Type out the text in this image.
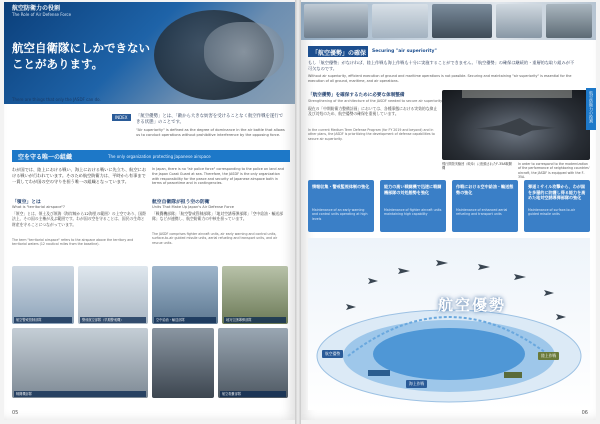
航空防衛力の役割
The Role of Air Defense Force
航空自衛隊にしかできないことがあります。
There are things that only the JASDF can do.
INDEX	「航空優勢」とは、「敵から大きな妨害を受けることなく航空作戦を遂行できる状態」のことです。
"Air superiority" is defined as the degree of dominance in the air battle that allows us to conduct operations without prohibitive interference by the opposing force.
空を守る唯一の組織	The only organization protecting Japanese airspace
わが国では、陸上における戦い、海上における戦いに先立ち、航空における戦いが行われています。そのため航空防衛力は、平時から有事まで一貫してわが国の空の守りを担う唯一の組織となっています。
In Japan, there is no "air police force" corresponding to the police on land and the Japan Coast Guard at sea. Therefore, the JASDF is the only organization with responsibility for the peace and security of Japanese airspace both in terms of peacetime and in contingencies.
「領空」とは
What is "territorial airspace"?
「領空」とは、領土及び領海（海岸線から12海里の範囲）の上空であり、国際法上、その国の主権が及ぶ範囲です。わが国の空を守ることは、国民の生命と財産を守ることにつながっています。
The term "territorial airspace" refers to the airspace above the territory and territorial waters (12 nautical miles from the baseline).
航空自衛隊が担う空の防衛
Units That Make Up Japan's Air Defense Force
「戦闘機部隊」「航空警戒管制部隊」「地対空誘導弾部隊」「空中給油・輸送部隊」などが連携し、航空防衛力の中核を担っています。
The JASDF comprises fighter aircraft units, air early warning and control units, surface-to-air guided missile units, aerial refueling and transport units, and air rescue units.
航空警戒管制部隊	警戒航空部隊（早期警戒機）	空中給油・輸送部隊	地対空誘導弾部隊
戦闘機部隊	航空救難部隊
05
「航空優勢」の確保 Securing "air superiority"
もし「航空優勢」がなければ、陸上作戦も海上作戦も十分に実施することができません。「航空優勢」の確保は継続的・重層的な取り組みが不可欠なのです。
Without air superiority, efficient execution of ground and maritime operations is not possible. Securing and maintaining "air superiority" is essential for the execution of all ground, maritime, and air operations.
「航空優勢」を確保するために必要な体制整備
Strengthening of the architecture of the JASDF needed to secure air superiority
現在の「中期防衛力整備計画」においては、各種事態における実効的な抑止及び対処のため、航空優勢の確保を重視しています。
In the current Medium Term Defense Program (for FY 2019 and beyond) and in other plans, the JASDF is prioritizing the development of defense capabilities to secure air superiority.
飛行開発実験団（岐阜）に配備されたF-35A戦闘機
In order to correspond to the modernization of the performance of neighboring countries' aircraft, the JASDF is equipped with the F-35A.
航空防衛力の役割
情報収集・警戒監視体制の強化
Maintenance of an early warning and control units operating at high levels
能力の高い戦闘機で迅速に戦闘機部隊の対処態勢を強化
Maintenance of fighter aircraft units maintaining high capability
作戦における空中給油・輸送態勢の強化
Maintenance of enhanced aerial refueling and transport units
弾道ミサイル攻撃から、わが国を多層的に防護し得る能力を高めた地対空誘導弾部隊の強化
Maintenance of surface-to-air guided missile units
航空優勢	陸上作戦
海上作戦
航空優勢
06
